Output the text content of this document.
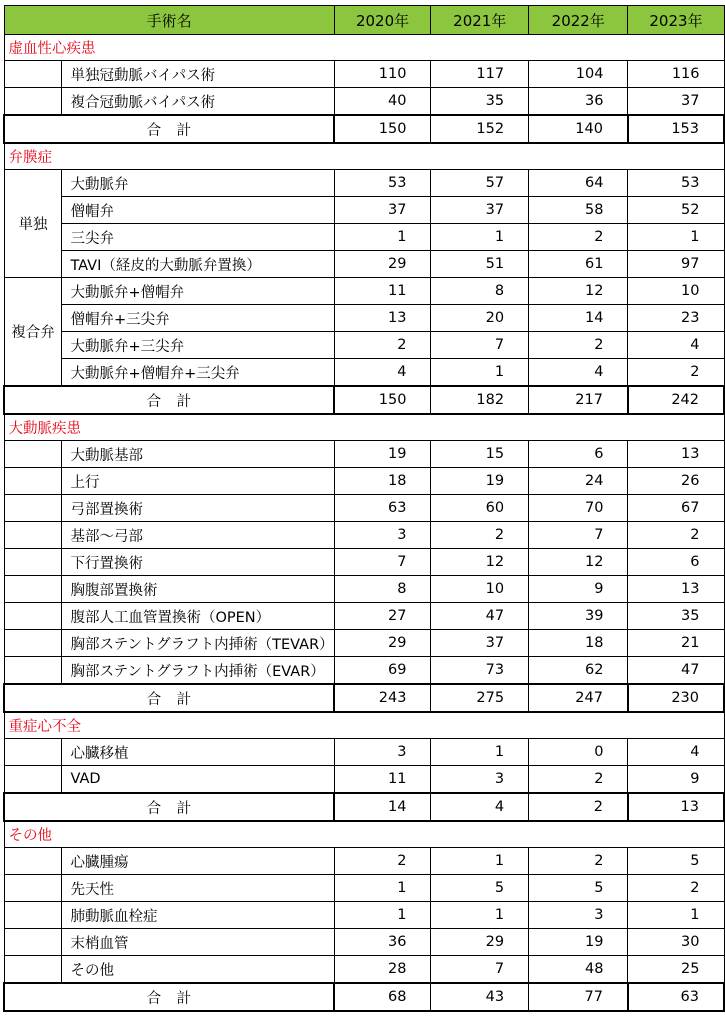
手術名		2020年	2021年	2022年	2023年
虚血性心疾患					
	単独冠動脈バイパス術	110	117	104	116
	複合冠動脈バイパス術	40	35	36	37
合　計		150	152	140	153
弁膜症					
単独	大動脈弁	53	57	64	53
	僧帽弁	37	37	58	52
	三尖弁	1	1	2	1
	TAVI（経皮的大動脈弁置換）	29	51	61	97
複合弁	大動脈弁+僧帽弁	11	8	12	10
	僧帽弁+三尖弁	13	20	14	23
	大動脈弁+三尖弁	2	7	2	4
	大動脈弁+僧帽弁+三尖弁	4	1	4	2
合　計		150	182	217	242
大動脈疾患					
	大動脈基部	19	15	6	13
	上行	18	19	24	26
	弓部置換術	63	60	70	67
	基部～弓部	3	2	7	2
	下行置換術	7	12	12	6
	胸腹部置換術	8	10	9	13
	腹部人工血管置換術（OPEN）	27	47	39	35
	胸部ステントグラフト内挿術（TEVAR）	29	37	18	21
	胸部ステントグラフト内挿術（EVAR）	69	73	62	47
合　計		243	275	247	230
重症心不全					
	心臓移植	3	1	0	4
	VAD	11	3	2	9
合　計		14	4	2	13
その他					
	心臓腫瘍	2	1	2	5
	先天性	1	5	5	2
	肺動脈血栓症	1	1	3	1
	末梢血管	36	29	19	30
	その他	28	7	48	25
合　計		68	43	77	63
